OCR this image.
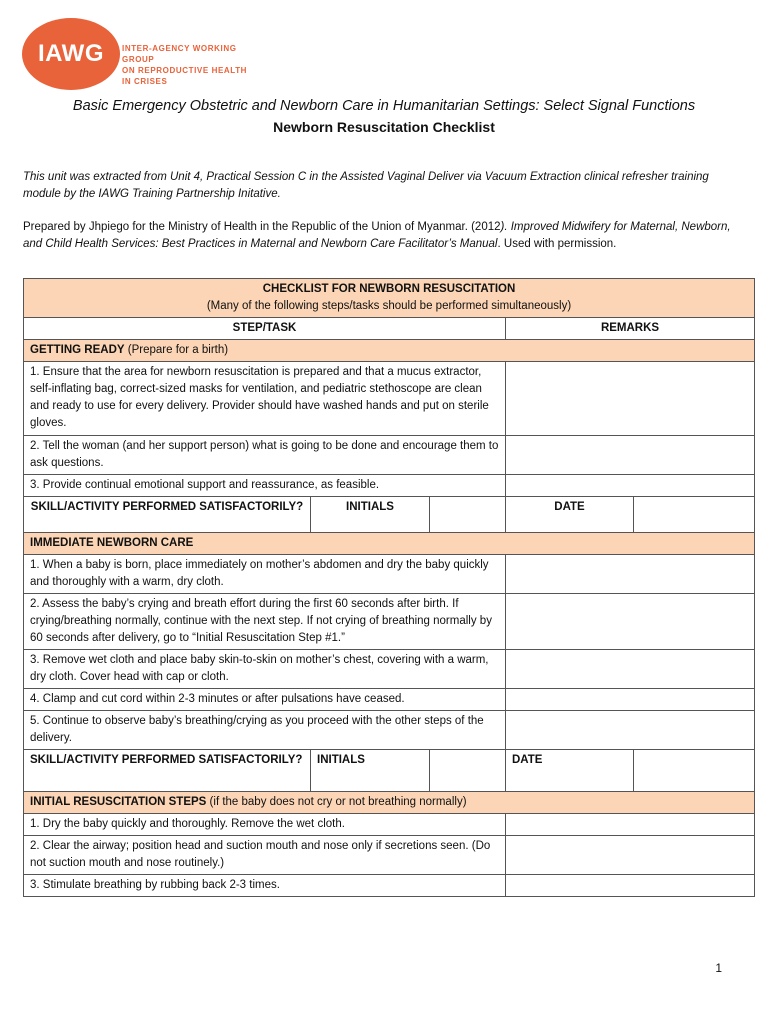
IAWG INTER-AGENCY WORKING GROUP
ON REPRODUCTIVE HEALTH IN CRISES
Basic Emergency Obstetric and Newborn Care in Humanitarian Settings: Select Signal Functions
Newborn Resuscitation Checklist
This unit was extracted from Unit 4, Practical Session C in the Assisted Vaginal Deliver via Vacuum Extraction clinical refresher training module by the IAWG Training Partnership Initative.
Prepared by Jhpiego for the Ministry of Health in the Republic of the Union of Myanmar. (2012). Improved Midwifery for Maternal, Newborn, and Child Health Services: Best Practices in Maternal and Newborn Care Facilitator’s Manual. Used with permission.
CHECKLIST FOR NEWBORN RESUSCITATION
(Many of the following steps/tasks should be performed simultaneously)				

STEP/TASK			REMARKS	
GETTING READY (Prepare for a birth)				
1. Ensure that the area for newborn resuscitation is prepared and that a mucus extractor, self-inflating bag, correct-sized masks for ventilation, and pediatric stethoscope are clean and ready to use for every delivery. Provider should have washed hands and put on sterile gloves.				
2. Tell the woman (and her support person) what is going to be done and encourage them to ask questions.				
3. Provide continual emotional support and reassurance, as feasible.				
SKILL/ACTIVITY PERFORMED SATISFACTORILY?	INITIALS		DATE	
IMMEDIATE NEWBORN CARE				
1. When a baby is born, place immediately on mother’s abdomen and dry the baby quickly and thoroughly with a warm, dry cloth.				
2. Assess the baby’s crying and breath effort during the first 60 seconds after birth. If crying/breathing normally, continue with the next step. If not crying of breathing normally by 60 seconds after delivery, go to “Initial Resuscitation Step #1.”				
3. Remove wet cloth and place baby skin-to-skin on mother’s chest, covering with a warm, dry cloth. Cover head with cap or cloth.				
4. Clamp and cut cord within 2-3 minutes or after pulsations have ceased.				
5. Continue to observe baby’s breathing/crying as you proceed with the other steps of the delivery.				
SKILL/ACTIVITY PERFORMED SATISFACTORILY?	INITIALS		DATE	
INITIAL RESUSCITATION STEPS (if the baby does not cry or not breathing normally)				
1. Dry the baby quickly and thoroughly. Remove the wet cloth.				
2. Clear the airway; position head and suction mouth and nose only if secretions seen. (Do not suction mouth and nose routinely.)				
3. Stimulate breathing by rubbing back 2-3 times.				
1
